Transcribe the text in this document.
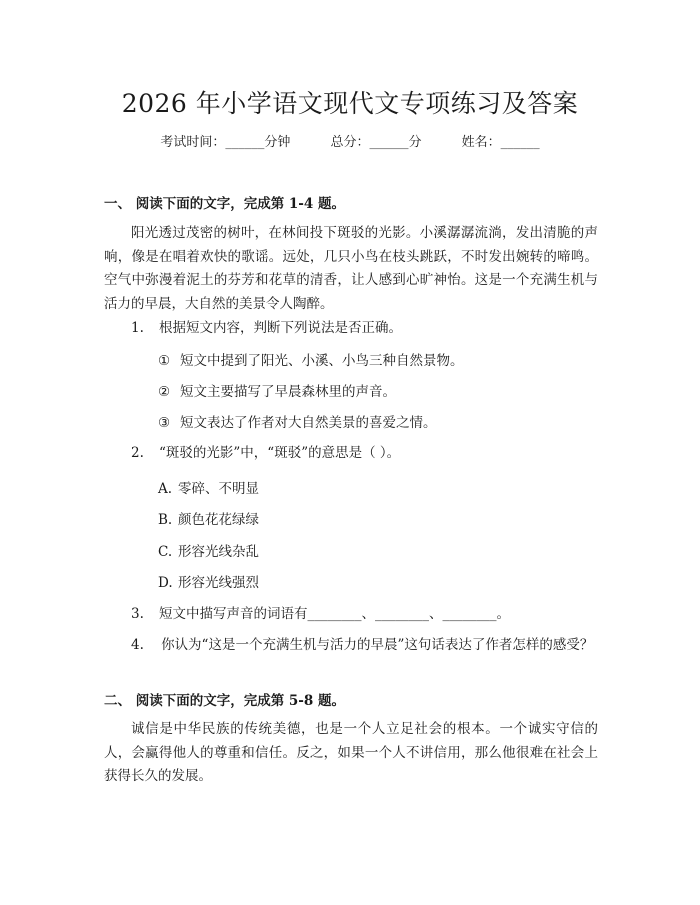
2026 年小学语文现代文专项练习及答案
考试时间：______分钟	总分：______分	姓名：______
一、 阅读下面的文字，完成第 1-4 题。
阳光透过茂密的树叶，在林间投下斑驳的光影。小溪潺潺流淌，发出清脆的声响，像是在唱着欢快的歌谣。远处，几只小鸟在枝头跳跃，不时发出婉转的啼鸣。空气中弥漫着泥土的芬芳和花草的清香，让人感到心旷神怡。这是一个充满生机与活力的早晨，大自然的美景令人陶醉。
1. 根据短文内容，判断下列说法是否正确。
① 短文中提到了阳光、小溪、小鸟三种自然景物。
② 短文主要描写了早晨森林里的声音。
③ 短文表达了作者对大自然美景的喜爱之情。
2. “斑驳的光影”中，“斑驳”的意思是（ ）。
A. 零碎、不明显
B. 颜色花花绿绿
C. 形容光线杂乱
D. 形容光线强烈
3. 短文中描写声音的词语有________、________、________。
4. 你认为“这是一个充满生机与活力的早晨”这句话表达了作者怎样的感受？
二、 阅读下面的文字，完成第 5-8 题。
诚信是中华民族的传统美德，也是一个人立足社会的根本。一个诚实守信的人，会赢得他人的尊重和信任。反之，如果一个人不讲信用，那么他很难在社会上获得长久的发展。
